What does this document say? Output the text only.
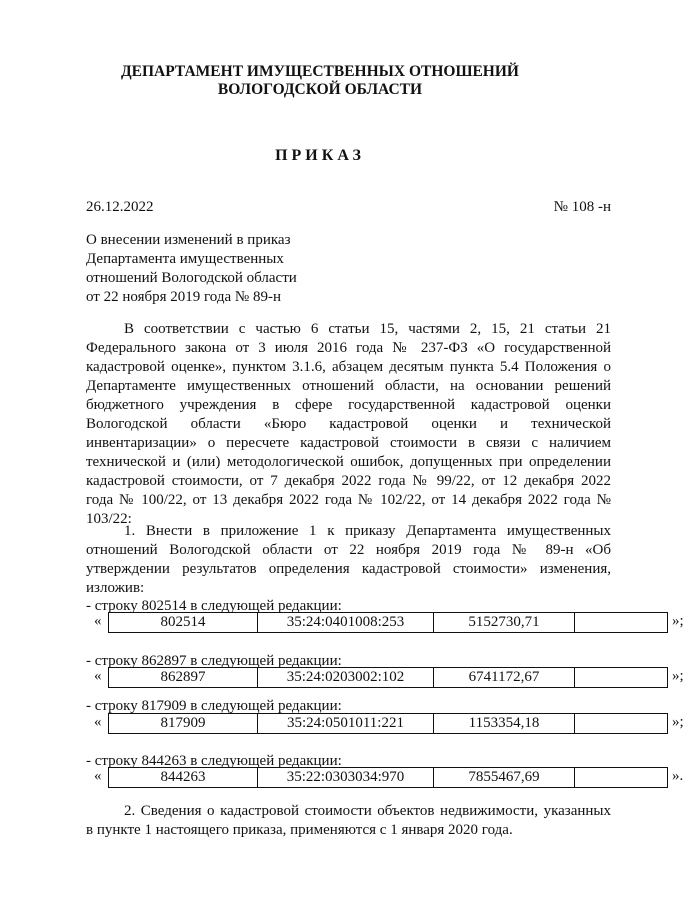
ДЕПАРТАМЕНТ ИМУЩЕСТВЕННЫХ ОТНОШЕНИЙ
ВОЛОГОДСКОЙ ОБЛАСТИ
ПРИКАЗ
26.12.2022	№ 108 -н
О внесении изменений в приказ
Департамента имущественных
отношений Вологодской области
от 22 ноября 2019 года № 89-н
В соответствии с частью 6 статьи 15, частями 2, 15, 21 статьи 21
Федерального закона от 3 июля 2016 года № 237-ФЗ «О государственной
кадастровой оценке», пунктом 3.1.6, абзацем десятым пункта 5.4 Положения о
Департаменте имущественных отношений области, на основании решений
бюджетного учреждения в сфере государственной кадастровой оценки
Вологодской области «Бюро кадастровой оценки и технической
инвентаризации» о пересчете кадастровой стоимости в связи с наличием
технической и (или) методологической ошибок, допущенных при определении
кадастровой стоимости, от 7 декабря 2022 года № 99/22, от 12 декабря 2022
года № 100/22, от 13 декабря 2022 года № 102/22, от 14 декабря 2022 года №
103/22:
1. Внести в приложение 1 к приказу Департамента имущественных
отношений Вологодской области от 22 ноября 2019 года № 89-н «Об
утверждении результатов определения кадастровой стоимости» изменения,
изложив:
- строку 802514 в следующей редакции:
«	802514	35:24:0401008:253	5152730,71	»;
- строку 862897 в следующей редакции:
«	862897	35:24:0203002:102	6741172,67	»;
- строку 817909 в следующей редакции:
«	817909	35:24:0501011:221	1153354,18	»;
- строку 844263 в следующей редакции:
«	844263	35:22:0303034:970	7855467,69	».
2. Сведения о кадастровой стоимости объектов недвижимости, указанных
в пункте 1 настоящего приказа, применяются с 1 января 2020 года.
